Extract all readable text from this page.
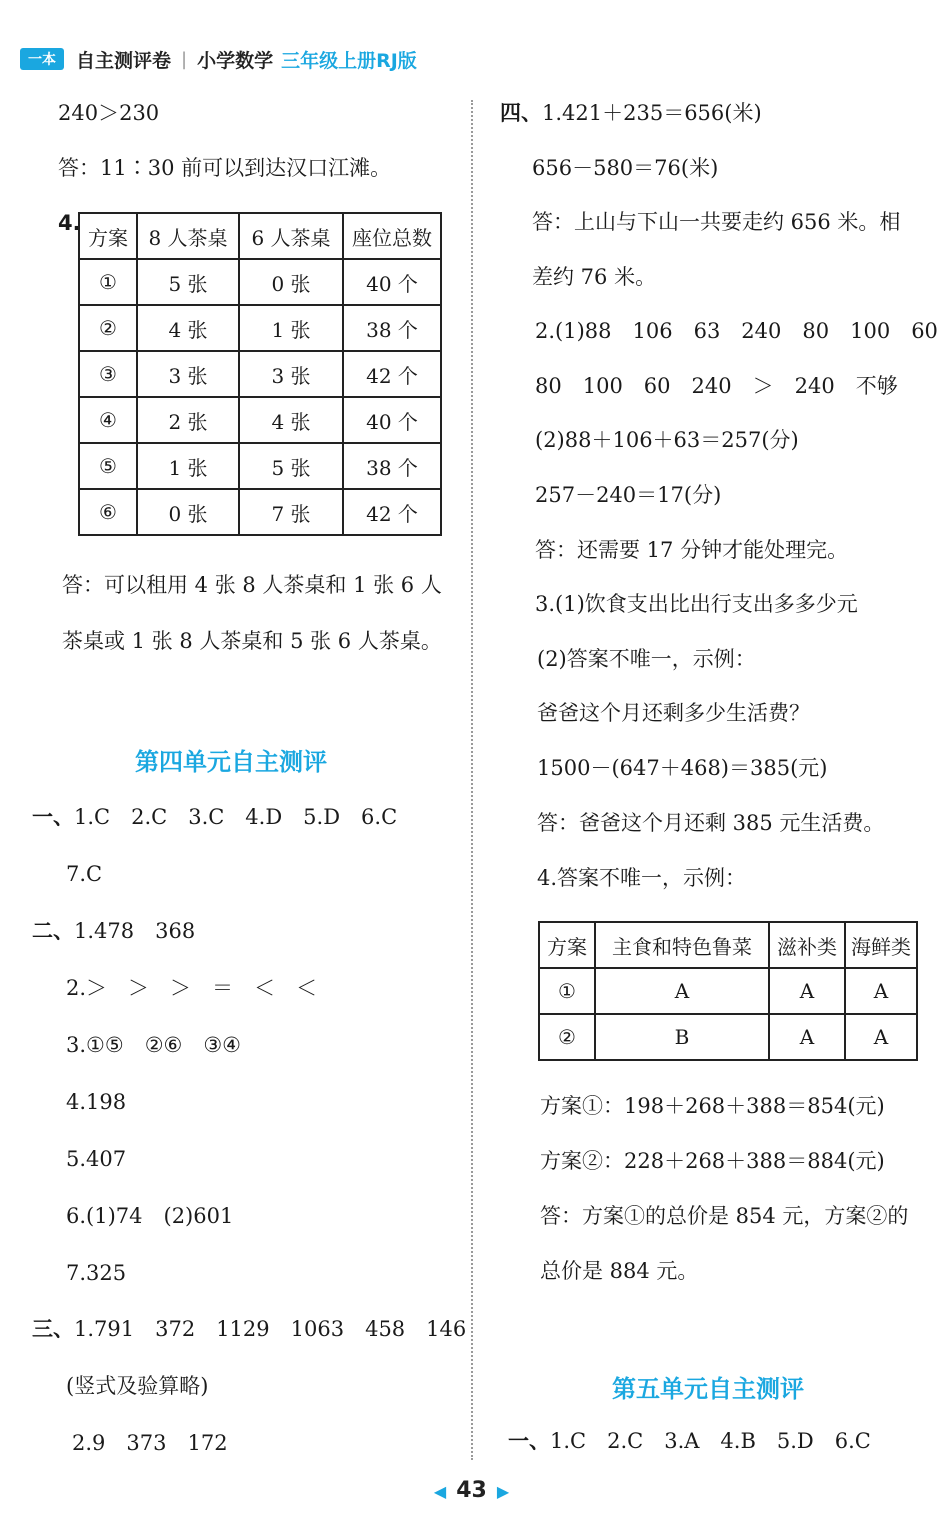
一本	自主测评卷 | 小学数学 三年级上册RJ版
240＞230
答：11∶30 前可以到达汉口江滩。
4.
方案	8 人茶桌	6 人茶桌	座位总数
①	5 张	0 张	40 个
②	4 张	1 张	38 个
③	3 张	3 张	42 个
④	2 张	4 张	40 个
⑤	1 张	5 张	38 个
⑥	0 张	7 张	42 个
答：可以租用 4 张 8 人茶桌和 1 张 6 人
茶桌或 1 张 8 人茶桌和 5 张 6 人茶桌。
第四单元自主测评
一、1.C　2.C　3.C　4.D　5.D　6.C
7.C
二、1.478　368
2.＞　＞　＞　＝　＜　＜
3.①⑤　②⑥　③④
4.198
5.407
6.(1)74　(2)601
7.325
三、1.791　372　1129　1063　458　146
(竖式及验算略)
2.9　373　172
四、1.421＋235＝656(米)
656－580＝76(米)
答：上山与下山一共要走约 656 米。相
差约 76 米。
2.(1)88　106　63　240　80　100　60
80　100　60　240　＞　240　不够
(2)88＋106＋63＝257(分)
257－240＝17(分)
答：还需要 17 分钟才能处理完。
3.(1)饮食支出比出行支出多多少元
(2)答案不唯一，示例：
爸爸这个月还剩多少生活费？
1500－(647＋468)＝385(元)
答：爸爸这个月还剩 385 元生活费。
4.答案不唯一，示例：
方案	主食和特色鲁菜	滋补类	海鲜类
①	A	A	A
②	B	A	A
方案①：198＋268＋388＝854(元)
方案②：228＋268＋388＝884(元)
答：方案①的总价是 854 元，方案②的
总价是 884 元。
第五单元自主测评
一、1.C　2.C　3.A　4.B　5.D　6.C
◀ 43 ▶
